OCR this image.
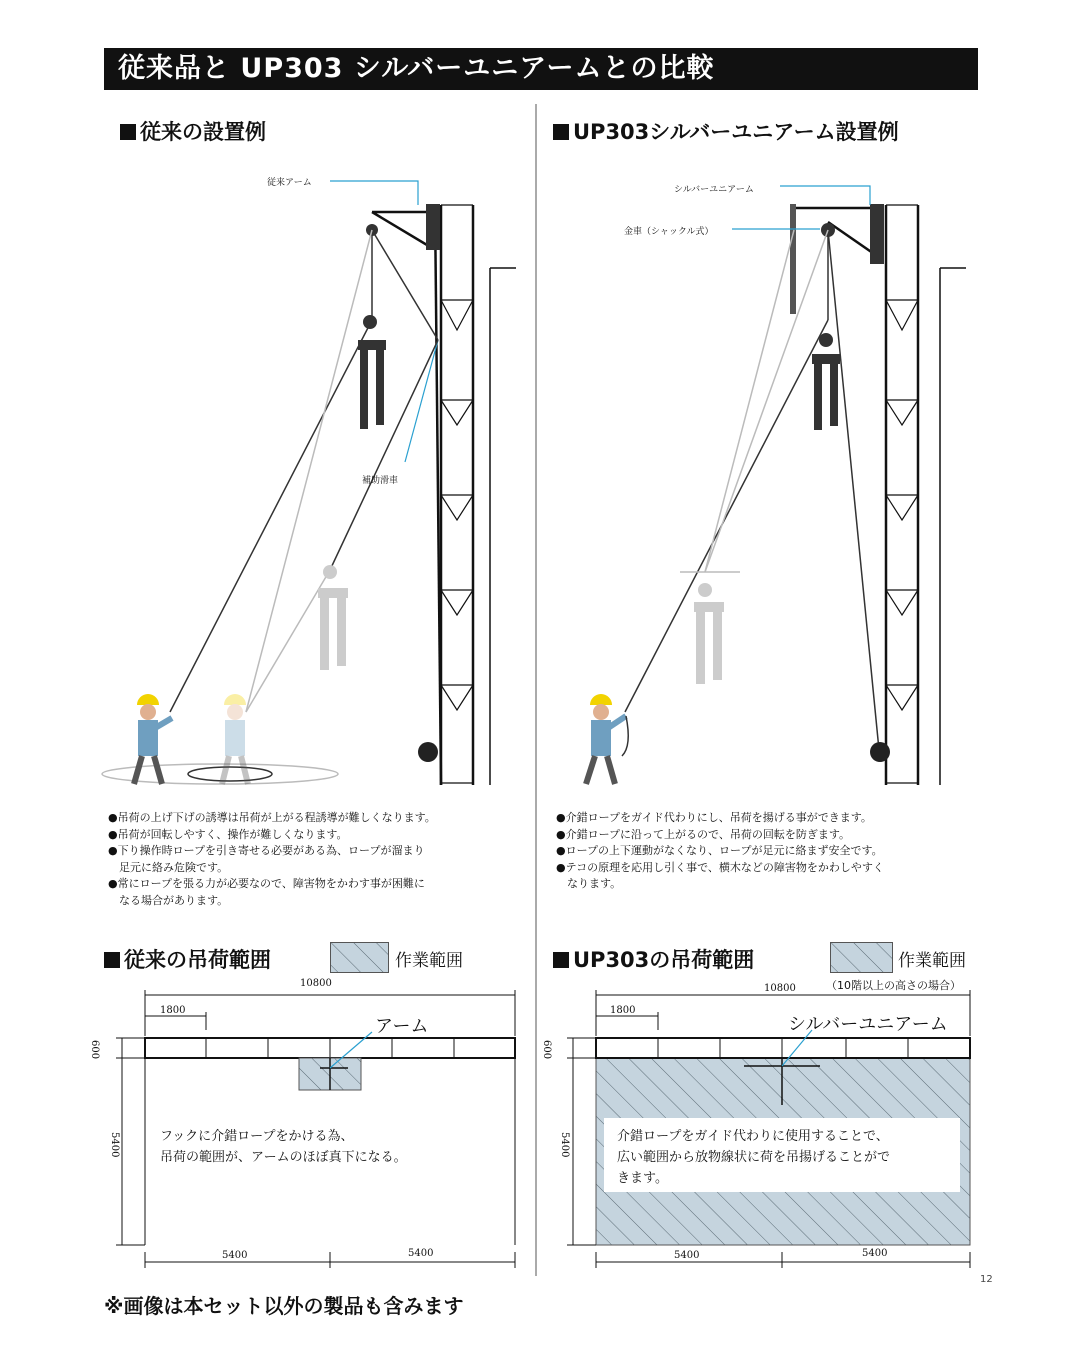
従来品と UP303 シルバーユニアームとの比較
従来の設置例
従来アーム
補助滑車
●吊荷の上げ下げの誘導は吊荷が上がる程誘導が難しくなります。
●吊荷が回転しやすく、操作が難しくなります。
●下り操作時ロープを引き寄せる必要がある為、ロープが溜まり
　足元に絡み危険です。
●常にロープを張る力が必要なので、障害物をかわす事が困難に
　なる場合があります。
UP303シルバーユニアーム設置例
シルバーユニアーム
金車（シャックル式）
●介錯ロープをガイド代わりにし、吊荷を揚げる事ができます。
●介錯ロープに沿って上がるので、吊荷の回転を防ぎます。
●ロープの上下運動がなくなり、ロープが足元に絡まず安全です。
●テコの原理を応用し引く事で、横木などの障害物をかわしやすく
　なります。
従来の吊荷範囲	作業範囲
10800
1800
600
5400
5400	5400
アーム
フックに介錯ロープをかける為、
吊荷の範囲が、アームのほぼ真下になる。
UP303の吊荷範囲	作業範囲
（10階以上の高さの場合）
10800
1800
600
5400
5400	5400
シルバーユニアーム
介錯ロープをガイド代わりに使用することで、
広い範囲から放物線状に荷を吊揚げることがで
きます。
12
※画像は本セット以外の製品も含みます
